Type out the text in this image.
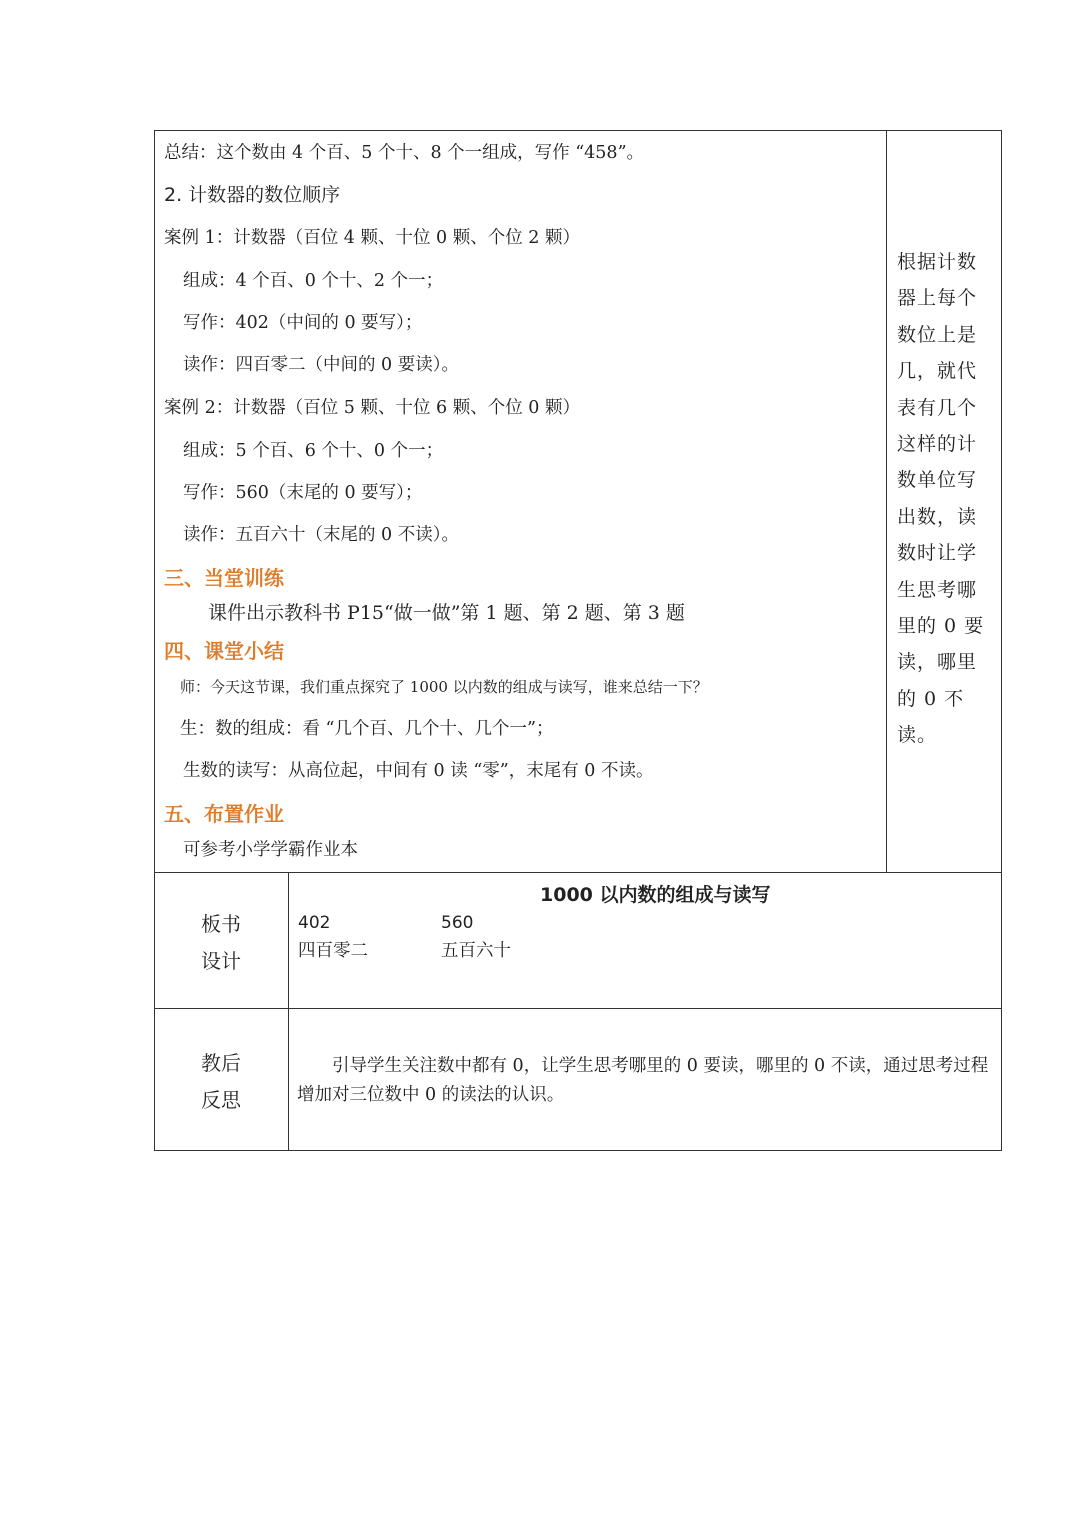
总结：这个数由 4 个百、5 个十、8 个一组成，写作 “458”。
2. 计数器的数位顺序
案例 1：计数器（百位 4 颗、十位 0 颗、个位 2 颗）
组成：4 个百、0 个十、2 个一；
写作：402（中间的 0 要写）；
读作：四百零二（中间的 0 要读）。
案例 2：计数器（百位 5 颗、十位 6 颗、个位 0 颗）
组成：5 个百、6 个十、0 个一；
写作：560（末尾的 0 要写）；
读作：五百六十（末尾的 0 不读）。
三、当堂训练
课件出示教科书 P15“做一做”第 1 题、第 2 题、第 3 题
四、课堂小结
师：今天这节课，我们重点探究了 1000 以内数的组成与读写，谁来总结一下？
生：数的组成：看 “几个百、几个十、几个一”；
生数的读写：从高位起，中间有 0 读 “零”，末尾有 0 不读。
五、布置作业
可参考小学学霸作业本
根据计数器上每个数位上是几，就代表有几个这样的计数单位写出数，读数时让学生思考哪里的 0 要读，哪里的 0 不读。
板书
设计
1000 以内数的组成与读写
402
四百零二
560
五百六十
教后
反思
引导学生关注数中都有 0，让学生思考哪里的 0 要读，哪里的 0 不读，通过思考过程增加对三位数中 0 的读法的认识。
